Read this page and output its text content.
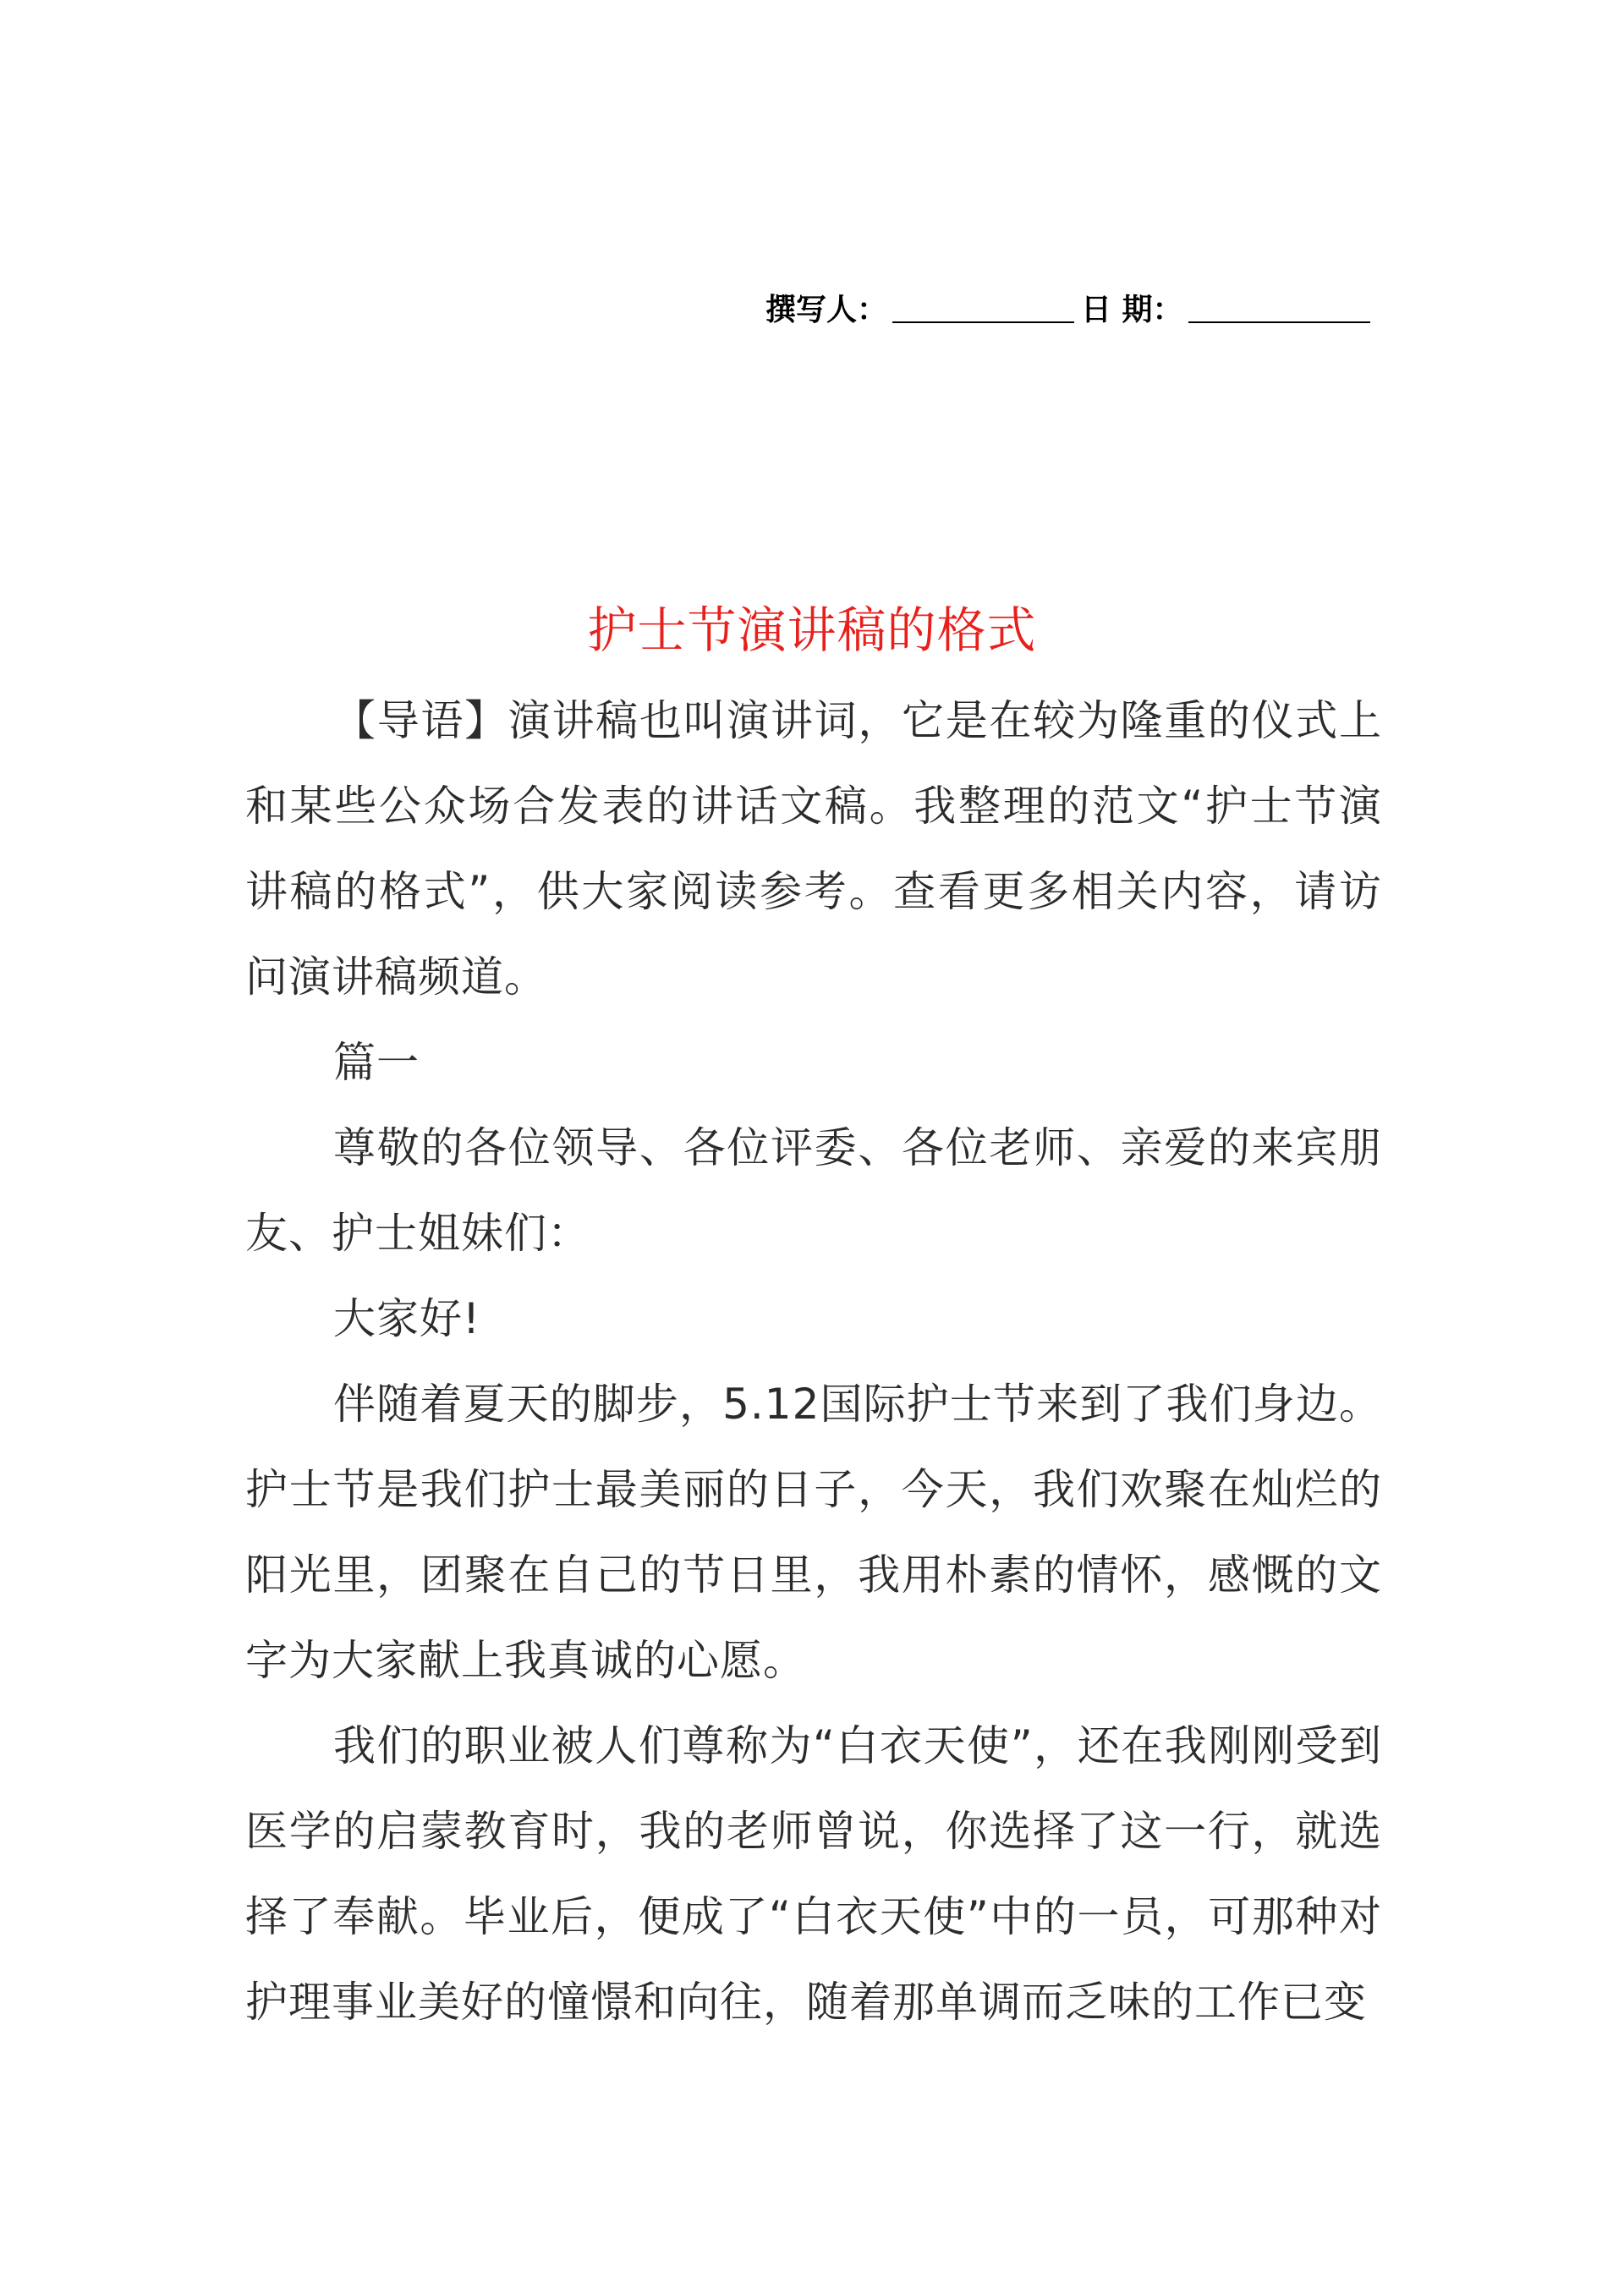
撰写人：	日 期：
护士节演讲稿的格式

【导语】演讲稿也叫演讲词，它是在较为隆重的仪式上和某些公众场合发表的讲话文稿。我整理的范文“护士节演讲稿的格式”，供大家阅读参考。查看更多相关内容，请访问演讲稿频道。

篇一

尊敬的各位领导、各位评委、各位老师、亲爱的来宾朋友、护士姐妹们：

大家好!

伴随着夏天的脚步，5.12国际护士节来到了我们身边。护士节是我们护士最美丽的日子，今天，我们欢聚在灿烂的阳光里，团聚在自己的节日里，我用朴素的情怀，感慨的文字为大家献上我真诚的心愿。

我们的职业被人们尊称为“白衣天使”，还在我刚刚受到医学的启蒙教育时，我的老师曾说，你选择了这一行，就选择了奉献。毕业后，便成了“白衣天使”中的一员，可那种对护理事业美好的憧憬和向往，随着那单调而乏味的工作已变
